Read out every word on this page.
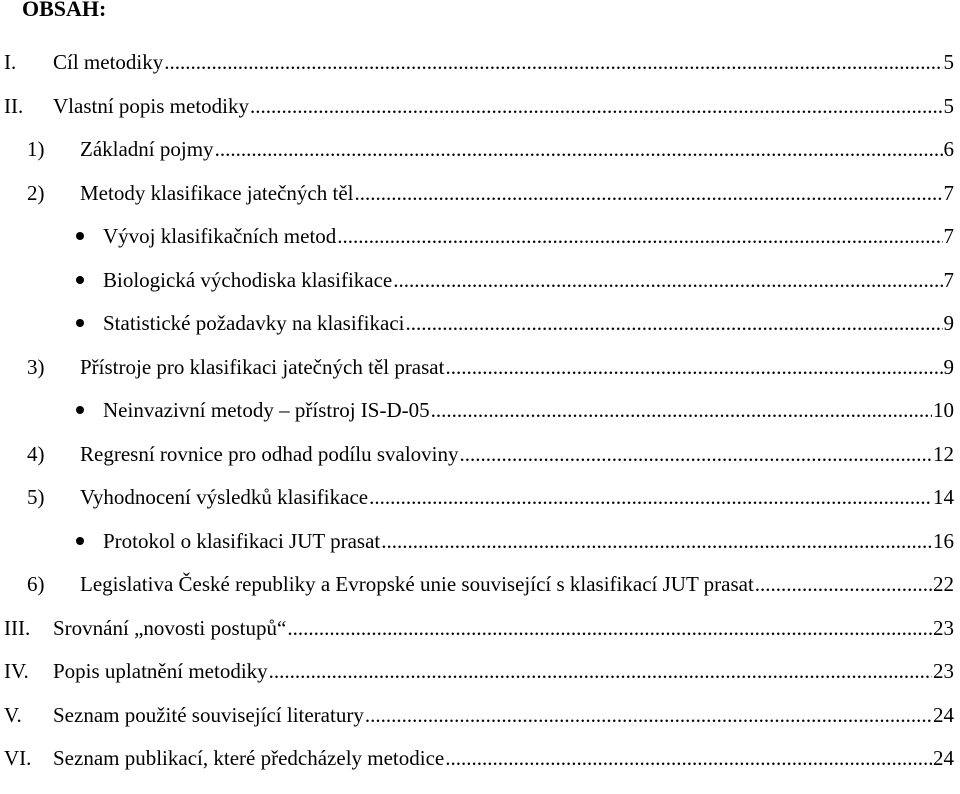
OBSAH:
I. Cíl metodiky .....	5
II. Vlastní popis metodiky .....	5
1) Základní pojmy .....	6
2) Metody klasifikace jatečných těl .....	7
Vývoj klasifikačních metod .....	7
Biologická východiska klasifikace .....	7
Statistické požadavky na klasifikaci .....	9
3) Přístroje pro klasifikaci jatečných těl prasat .....	9
Neinvazivní metody – přístroj IS-D-05 .....	10
4) Regresní rovnice pro odhad podílu svaloviny .....	12
5) Vyhodnocení výsledků klasifikace .....	14
Protokol o klasifikaci JUT prasat .....	16
6) Legislativa České republiky a Evropské unie související s klasifikací JUT prasat .....	22
III. Srovnání „novosti postupů“ .....	23
IV. Popis uplatnění metodiky .....	23
V. Seznam použité související literatury .....	24
VI. Seznam publikací, které předcházely metodice .....	24
